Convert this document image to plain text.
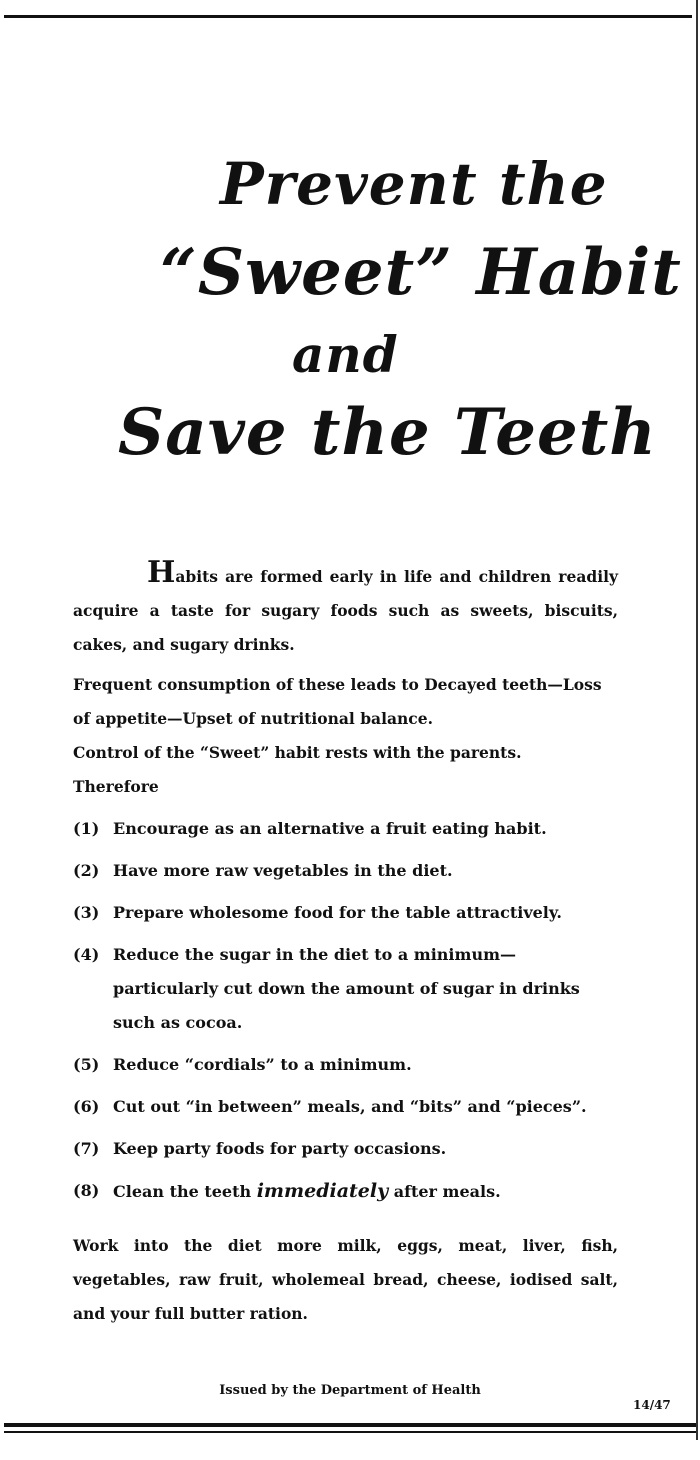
Prevent the
“Sweet” Habit
and
Save the Teeth

Habits are formed early in life and children readily acquire a taste for sugary foods such as sweets, biscuits, cakes, and sugary drinks.

Frequent consumption of these leads to Decayed teeth—Loss of appetite—Upset of nutritional balance.

Control of the “Sweet” habit rests with the parents.

Therefore

(1) Encourage as an alternative a fruit eating habit.
(2) Have more raw vegetables in the diet.
(3) Prepare wholesome food for the table attractively.
(4) Reduce the sugar in the diet to a minimum—particularly cut down the amount of sugar in drinks such as cocoa.
(5) Reduce “cordials” to a minimum.
(6) Cut out “in between” meals, and “bits” and “pieces”.
(7) Keep party foods for party occasions.
(8) Clean the teeth immediately after meals.

Work into the diet more milk, eggs, meat, liver, fish, vegetables, raw fruit, wholemeal bread, cheese, iodised salt, and your full butter ration.

Issued by the Department of Health
14/47
